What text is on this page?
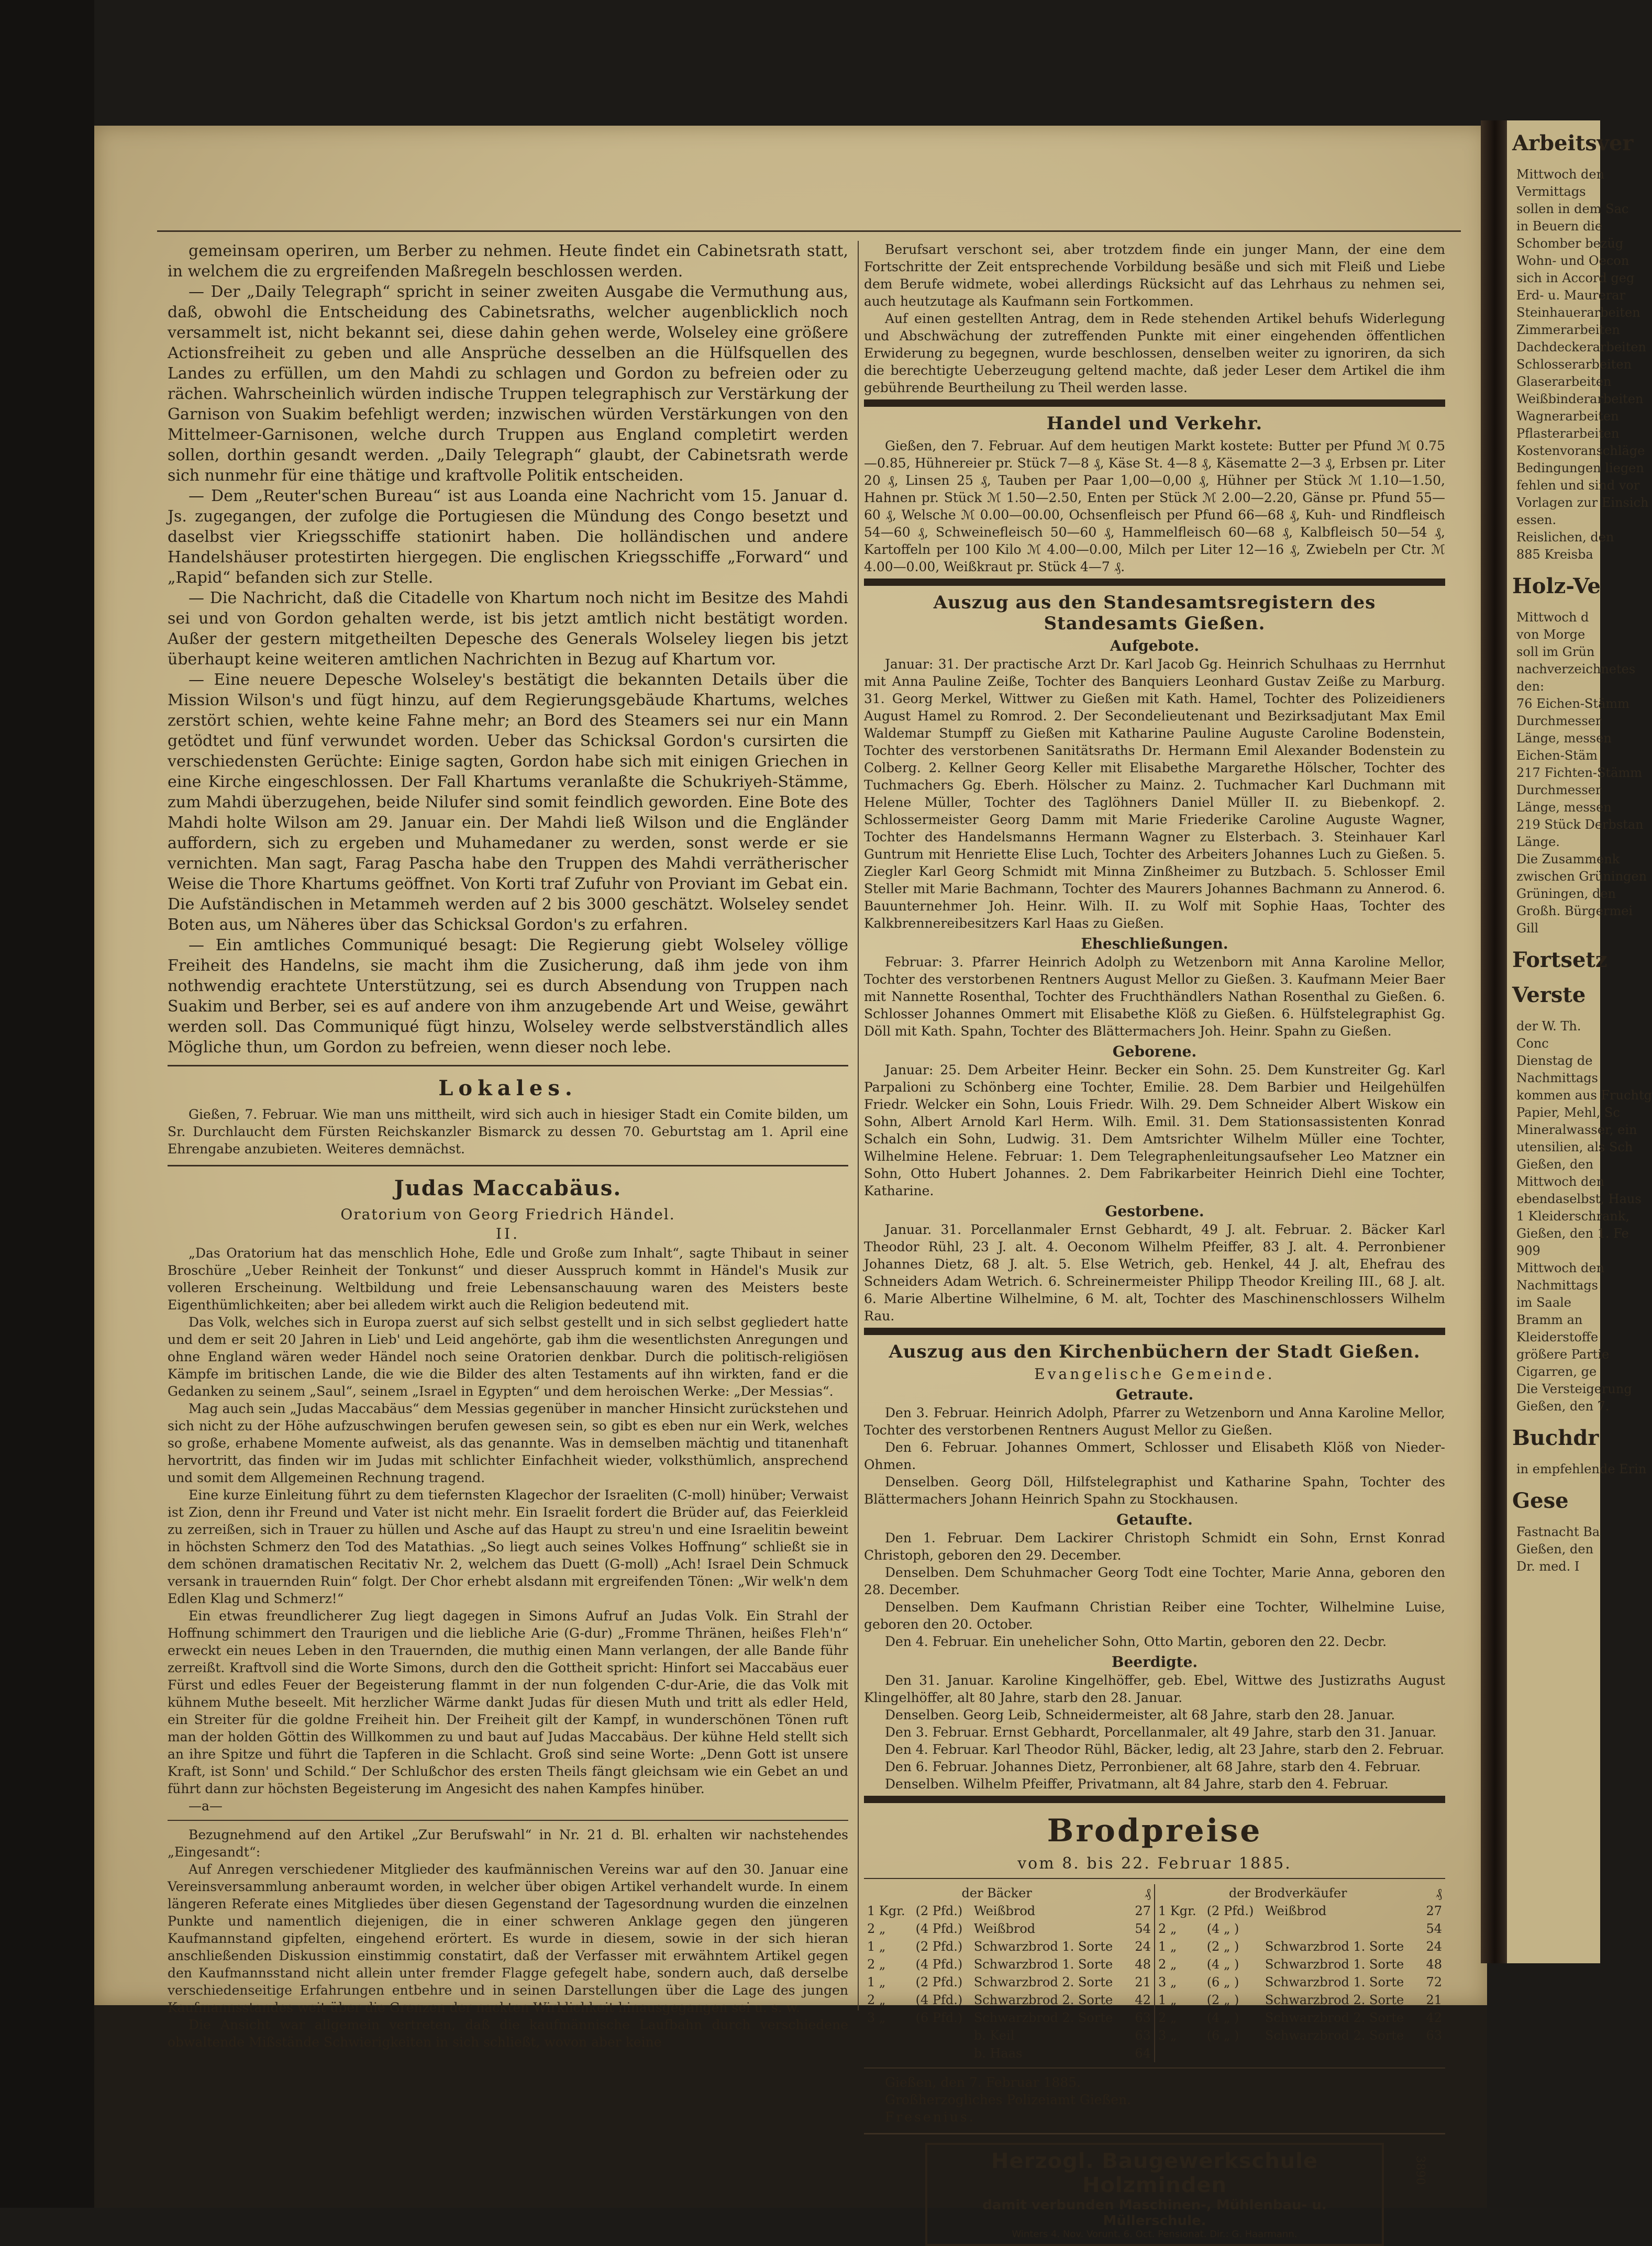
Arbeitsver
Mittwoch den
Vermittags
sollen in dem Sac
in Beuern die
Schomber bezüg
Wohn- und Oecon
sich in Accord geg
Erd- u. Maurerar
Steinhauerarbeiten
Zimmerarbeiten
Dachdeckerarbeiten
Schlosserarbeiten
Glaserarbeiten
Weißbinderarbeiten
Wagnerarbeiten
Pflasterarbeiten
Kostenvoranschläge
Bedingungen liegen
fehlen und sind vor
Vorlagen zur Einsich
essen.
Reislichen, den
885 Kreisba
Holz-Ve
Mittwoch d
von Morge
soll im Grün
nachverzeichnetes
den:
76 Eichen-Stämm
Durchmesser
Länge, messen
Eichen-Stäm
217 Fichten-Stämm
Durchmesser
Länge, messen
219 Stück Derbstan
Länge.
Die Zusammenk
zwischen Grüningen
Grüningen, den
Großh. Bürgermei
Gill
Fortsetz
Verste
der W. Th.
Conc
Dienstag de
Nachmittags
kommen aus Fruchtg
Papier, Mehl, Sc
Mineralwasser, ein
utensilien, als Sch
Gießen, den
Mittwoch den
ebendaselbst, Haus
1 Kleiderschrank,
Gießen, den 1. Fe
909
Mittwoch den
Nachmittags
im Saale
Bramm an
Kleiderstoffe
größere Partie
Cigarren, ge
Die Versteigerung
Gießen, den 7.
Buchdr
in empfehlende Erin
Gese
Fastnacht Ba
Gießen, den
Dr. med. I

gemeinsam operiren, um Berber zu nehmen. Heute findet ein Cabinetsrath statt, in welchem die zu ergreifenden Maßregeln beschlossen werden.

— Der „Daily Telegraph“ spricht in seiner zweiten Ausgabe die Vermuthung aus, daß, obwohl die Entscheidung des Cabinetsraths, welcher augenblicklich noch versammelt ist, nicht bekannt sei, diese dahin gehen werde, Wolseley eine größere Actionsfreiheit zu geben und alle Ansprüche desselben an die Hülfsquellen des Landes zu erfüllen, um den Mahdi zu schlagen und Gordon zu befreien oder zu rächen. Wahrscheinlich würden indische Truppen telegraphisch zur Verstärkung der Garnison von Suakim befehligt werden; inzwischen würden Verstärkungen von den Mittelmeer-Garnisonen, welche durch Truppen aus England completirt werden sollen, dorthin gesandt werden. „Daily Telegraph“ glaubt, der Cabinetsrath werde sich nunmehr für eine thätige und kraftvolle Politik entscheiden.

— Dem „Reuter'schen Bureau“ ist aus Loanda eine Nachricht vom 15. Januar d. Js. zugegangen, der zufolge die Portugiesen die Mündung des Congo besetzt und daselbst vier Kriegsschiffe stationirt haben. Die holländischen und andere Handelshäuser protestirten hiergegen. Die englischen Kriegsschiffe „Forward“ und „Rapid“ befanden sich zur Stelle.

— Die Nachricht, daß die Citadelle von Khartum noch nicht im Besitze des Mahdi sei und von Gordon gehalten werde, ist bis jetzt amtlich nicht bestätigt worden. Außer der gestern mitgetheilten Depesche des Generals Wolseley liegen bis jetzt überhaupt keine weiteren amtlichen Nachrichten in Bezug auf Khartum vor.

— Eine neuere Depesche Wolseley's bestätigt die bekannten Details über die Mission Wilson's und fügt hinzu, auf dem Regierungsgebäude Khartums, welches zerstört schien, wehte keine Fahne mehr; an Bord des Steamers sei nur ein Mann getödtet und fünf verwundet worden. Ueber das Schicksal Gordon's cursirten die verschiedensten Gerüchte: Einige sagten, Gordon habe sich mit einigen Griechen in eine Kirche eingeschlossen. Der Fall Khartums veranlaßte die Schukriyeh-Stämme, zum Mahdi überzugehen, beide Nilufer sind somit feindlich geworden. Eine Bote des Mahdi holte Wilson am 29. Januar ein. Der Mahdi ließ Wilson und die Engländer auffordern, sich zu ergeben und Muhamedaner zu werden, sonst werde er sie vernichten. Man sagt, Farag Pascha habe den Truppen des Mahdi verrätherischer Weise die Thore Khartums geöffnet. Von Korti traf Zufuhr von Proviant im Gebat ein. Die Aufständischen in Metammeh werden auf 2 bis 3000 geschätzt. Wolseley sendet Boten aus, um Näheres über das Schicksal Gordon's zu erfahren.

— Ein amtliches Communiqué besagt: Die Regierung giebt Wolseley völlige Freiheit des Handelns, sie macht ihm die Zusicherung, daß ihm jede von ihm nothwendig erachtete Unterstützung, sei es durch Absendung von Truppen nach Suakim und Berber, sei es auf andere von ihm anzugebende Art und Weise, gewährt werden soll. Das Communiqué fügt hinzu, Wolseley werde selbstverständlich alles Mögliche thun, um Gordon zu befreien, wenn dieser noch lebe.

Lokales.

Gießen, 7. Februar. Wie man uns mittheilt, wird sich auch in hiesiger Stadt ein Comite bilden, um Sr. Durchlaucht dem Fürsten Reichskanzler Bismarck zu dessen 70. Geburtstag am 1. April eine Ehrengabe anzubieten. Weiteres demnächst.

Judas Maccabäus.
Oratorium von Georg Friedrich Händel.
II.

„Das Oratorium hat das menschlich Hohe, Edle und Große zum Inhalt“, sagte Thibaut in seiner Broschüre „Ueber Reinheit der Tonkunst“ und dieser Ausspruch kommt in Händel's Musik zur volleren Erscheinung. Weltbildung und freie Lebensanschauung waren des Meisters beste Eigenthümlichkeiten; aber bei alledem wirkt auch die Religion bedeutend mit.

Das Volk, welches sich in Europa zuerst auf sich selbst gestellt und in sich selbst gegliedert hatte und dem er seit 20 Jahren in Lieb' und Leid angehörte, gab ihm die wesentlichsten Anregungen und ohne England wären weder Händel noch seine Oratorien denkbar. Durch die politisch-religiösen Kämpfe im britischen Lande, die wie die Bilder des alten Testaments auf ihn wirkten, fand er die Gedanken zu seinem „Saul“, seinem „Israel in Egypten“ und dem heroischen Werke: „Der Messias“.

Mag auch sein „Judas Maccabäus“ dem Messias gegenüber in mancher Hinsicht zurückstehen und sich nicht zu der Höhe aufzuschwingen berufen gewesen sein, so gibt es eben nur ein Werk, welches so große, erhabene Momente aufweist, als das genannte. Was in demselben mächtig und titanenhaft hervortritt, das finden wir im Judas mit schlichter Einfachheit wieder, volksthümlich, ansprechend und somit dem Allgemeinen Rechnung tragend.

Eine kurze Einleitung führt zu dem tiefernsten Klagechor der Israeliten (C-moll) hinüber; Verwaist ist Zion, denn ihr Freund und Vater ist nicht mehr. Ein Israelit fordert die Brüder auf, das Feierkleid zu zerreißen, sich in Trauer zu hüllen und Asche auf das Haupt zu streu'n und eine Israelitin beweint in höchsten Schmerz den Tod des Matathias. „So liegt auch seines Volkes Hoffnung“ schließt sie in dem schönen dramatischen Recitativ Nr. 2, welchem das Duett (G-moll) „Ach! Israel Dein Schmuck versank in trauernden Ruin“ folgt. Der Chor erhebt alsdann mit ergreifenden Tönen: „Wir welk'n dem Edlen Klag und Schmerz!“

Ein etwas freundlicherer Zug liegt dagegen in Simons Aufruf an Judas Volk. Ein Strahl der Hoffnung schimmert den Traurigen und die liebliche Arie (G-dur) „Fromme Thränen, heißes Fleh'n“ erweckt ein neues Leben in den Trauernden, die muthig einen Mann verlangen, der alle Bande führ zerreißt. Kraftvoll sind die Worte Simons, durch den die Gottheit spricht: Hinfort sei Maccabäus euer Fürst und edles Feuer der Begeisterung flammt in der nun folgenden C-dur-Arie, die das Volk mit kühnem Muthe beseelt. Mit herzlicher Wärme dankt Judas für diesen Muth und tritt als edler Held, ein Streiter für die goldne Freiheit hin. Der Freiheit gilt der Kampf, in wunderschönen Tönen ruft man der holden Göttin des Willkommen zu und baut auf Judas Maccabäus. Der kühne Held stellt sich an ihre Spitze und führt die Tapferen in die Schlacht. Groß sind seine Worte: „Denn Gott ist unsere Kraft, ist Sonn' und Schild.“ Der Schlußchor des ersten Theils fängt gleichsam wie ein Gebet an und führt dann zur höchsten Begeisterung im Angesicht des nahen Kampfes hinüber.

—a—

Bezugnehmend auf den Artikel „Zur Berufswahl“ in Nr. 21 d. Bl. erhalten wir nachstehendes „Eingesandt“:

Auf Anregen verschiedener Mitglieder des kaufmännischen Vereins war auf den 30. Januar eine Vereinsversammlung anberaumt worden, in welcher über obigen Artikel verhandelt wurde. In einem längeren Referate eines Mitgliedes über diesen Gegenstand der Tagesordnung wurden die einzelnen Punkte und namentlich diejenigen, die in einer schweren Anklage gegen den jüngeren Kaufmannstand gipfelten, eingehend erörtert. Es wurde in diesem, sowie in der sich hieran anschließenden Diskussion einstimmig constatirt, daß der Verfasser mit erwähntem Artikel gegen den Kaufmannsstand nicht allein unter fremder Flagge gefegelt habe, sondern auch, daß derselbe verschiedenseitige Erfahrungen entbehre und in seinen Darstellungen über die Lage des jungen Kaufmannsstandes weit über die Grenzen der nackten Wirklichkeit hinausgegangen sei u. s. w.

Die Ansicht war allgemein vertreten, daß die kaufmännische Laufbahn durch verschiedene obwaltende Mißstände Schwierigkeiten in sich schließt, wovon aber keine

Berufsart verschont sei, aber trotzdem finde ein junger Mann, der eine dem Fortschritte der Zeit entsprechende Vorbildung besäße und sich mit Fleiß und Liebe dem Berufe widmete, wobei allerdings Rücksicht auf das Lehrhaus zu nehmen sei, auch heutzutage als Kaufmann sein Fortkommen.

Auf einen gestellten Antrag, dem in Rede stehenden Artikel behufs Widerlegung und Abschwächung der zutreffenden Punkte mit einer eingehenden öffentlichen Erwiderung zu begegnen, wurde beschlossen, denselben weiter zu ignoriren, da sich die berechtigte Ueberzeugung geltend machte, daß jeder Leser dem Artikel die ihm gebührende Beurtheilung zu Theil werden lasse.

Handel und Verkehr.

Gießen, den 7. Februar. Auf dem heutigen Markt kostete: Butter per Pfund ℳ 0.75—0.85, Hühnereier pr. Stück 7—8 ₰, Käse St. 4—8 ₰, Käsematte 2—3 ₰, Erbsen pr. Liter 20 ₰, Linsen 25 ₰, Tauben per Paar 1,00—0,00 ₰, Hühner per Stück ℳ 1.10—1.50, Hahnen pr. Stück ℳ 1.50—2.50, Enten per Stück ℳ 2.00—2.20, Gänse pr. Pfund 55—60 ₰, Welsche ℳ 0.00—00.00, Ochsenfleisch per Pfund 66—68 ₰, Kuh- und Rindfleisch 54—60 ₰, Schweinefleisch 50—60 ₰, Hammelfleisch 60—68 ₰, Kalbfleisch 50—54 ₰, Kartoffeln per 100 Kilo ℳ 4.00—0.00, Milch per Liter 12—16 ₰, Zwiebeln per Ctr. ℳ 4.00—0.00, Weißkraut pr. Stück 4—7 ₰.

Auszug aus den Standesamtsregistern des Standesamts Gießen.
Aufgebote.

Januar: 31. Der practische Arzt Dr. Karl Jacob Gg. Heinrich Schulhaas zu Herrnhut mit Anna Pauline Zeiße, Tochter des Banquiers Leonhard Gustav Zeiße zu Marburg. 31. Georg Merkel, Wittwer zu Gießen mit Kath. Hamel, Tochter des Polizeidieners August Hamel zu Romrod. 2. Der Secondelieutenant und Bezirksadjutant Max Emil Waldemar Stumpff zu Gießen mit Katharine Pauline Auguste Caroline Bodenstein, Tochter des verstorbenen Sanitätsraths Dr. Hermann Emil Alexander Bodenstein zu Colberg. 2. Kellner Georg Keller mit Elisabethe Margarethe Hölscher, Tochter des Tuchmachers Gg. Eberh. Hölscher zu Mainz. 2. Tuchmacher Karl Duchmann mit Helene Müller, Tochter des Taglöhners Daniel Müller II. zu Biebenkopf. 2. Schlossermeister Georg Damm mit Marie Friederike Caroline Auguste Wagner, Tochter des Handelsmanns Hermann Wagner zu Elsterbach. 3. Steinhauer Karl Guntrum mit Henriette Elise Luch, Tochter des Arbeiters Johannes Luch zu Gießen. 5. Ziegler Karl Georg Schmidt mit Minna Zinßheimer zu Butzbach. 5. Schlosser Emil Steller mit Marie Bachmann, Tochter des Maurers Johannes Bachmann zu Annerod. 6. Bauunternehmer Joh. Heinr. Wilh. II. zu Wolf mit Sophie Haas, Tochter des Kalkbrennereibesitzers Karl Haas zu Gießen.

Eheschließungen.

Februar: 3. Pfarrer Heinrich Adolph zu Wetzenborn mit Anna Karoline Mellor, Tochter des verstorbenen Rentners August Mellor zu Gießen. 3. Kaufmann Meier Baer mit Nannette Rosenthal, Tochter des Fruchthändlers Nathan Rosenthal zu Gießen. 6. Schlosser Johannes Ommert mit Elisabethe Klöß zu Gießen. 6. Hülfstelegraphist Gg. Döll mit Kath. Spahn, Tochter des Blättermachers Joh. Heinr. Spahn zu Gießen.

Geborene.

Januar: 25. Dem Arbeiter Heinr. Becker ein Sohn. 25. Dem Kunstreiter Gg. Karl Parpalioni zu Schönberg eine Tochter, Emilie. 28. Dem Barbier und Heilgehülfen Friedr. Welcker ein Sohn, Louis Friedr. Wilh. 29. Dem Schneider Albert Wiskow ein Sohn, Albert Arnold Karl Herm. Wilh. Emil. 31. Dem Stationsassistenten Konrad Schalch ein Sohn, Ludwig. 31. Dem Amtsrichter Wilhelm Müller eine Tochter, Wilhelmine Helene. Februar: 1. Dem Telegraphenleitungsaufseher Leo Matzner ein Sohn, Otto Hubert Johannes. 2. Dem Fabrikarbeiter Heinrich Diehl eine Tochter, Katharine.

Gestorbene.

Januar. 31. Porcellanmaler Ernst Gebhardt, 49 J. alt. Februar. 2. Bäcker Karl Theodor Rühl, 23 J. alt. 4. Oeconom Wilhelm Pfeiffer, 83 J. alt. 4. Perronbiener Johannes Dietz, 68 J. alt. 5. Else Wetrich, geb. Henkel, 44 J. alt, Ehefrau des Schneiders Adam Wetrich. 6. Schreinermeister Philipp Theodor Kreiling III., 68 J. alt. 6. Marie Albertine Wilhelmine, 6 M. alt, Tochter des Maschinenschlossers Wilhelm Rau.

Auszug aus den Kirchenbüchern der Stadt Gießen.
Evangelische Gemeinde.
Getraute.

Den 3. Februar. Heinrich Adolph, Pfarrer zu Wetzenborn und Anna Karoline Mellor, Tochter des verstorbenen Rentners August Mellor zu Gießen.

Den 6. Februar. Johannes Ommert, Schlosser und Elisabeth Klöß von Nieder-Ohmen.

Denselben. Georg Döll, Hilfstelegraphist und Katharine Spahn, Tochter des Blättermachers Johann Heinrich Spahn zu Stockhausen.

Getaufte.

Den 1. Februar. Dem Lackirer Christoph Schmidt ein Sohn, Ernst Konrad Christoph, geboren den 29. December.

Denselben. Dem Schuhmacher Georg Todt eine Tochter, Marie Anna, geboren den 28. December.

Denselben. Dem Kaufmann Christian Reiber eine Tochter, Wilhelmine Luise, geboren den 20. October.

Den 4. Februar. Ein unehelicher Sohn, Otto Martin, geboren den 22. Decbr.

Beerdigte.

Den 31. Januar. Karoline Kingelhöffer, geb. Ebel, Wittwe des Justizraths August Klingelhöffer, alt 80 Jahre, starb den 28. Januar.

Denselben. Georg Leib, Schneidermeister, alt 68 Jahre, starb den 28. Januar.

Den 3. Februar. Ernst Gebhardt, Porcellanmaler, alt 49 Jahre, starb den 31. Januar.

Den 4. Februar. Karl Theodor Rühl, Bäcker, ledig, alt 23 Jahre, starb den 2. Februar.

Den 6. Februar. Johannes Dietz, Perronbiener, alt 68 Jahre, starb den 4. Februar.

Denselben. Wilhelm Pfeiffer, Privatmann, alt 84 Jahre, starb den 4. Februar.

Brodpreise
vom 8. bis 22. Februar 1885.
der Bäcker			₰	der Brodverkäufer			₰
1 Kgr.	(2 Pfd.)	Weißbrod	27	1 Kgr.	(2 Pfd.)	Weißbrod	27
2 „	(4 Pfd.)	Weißbrod	54	2 „	(4 „ )		54
1 „	(2 Pfd.)	Schwarzbrod 1. Sorte	24	1 „	(2 „ )	Schwarzbrod 1. Sorte	24
2 „	(4 Pfd.)	Schwarzbrod 1. Sorte	48	2 „	(4 „ )	Schwarzbrod 1. Sorte	48
1 „	(2 Pfd.)	Schwarzbrod 2. Sorte	21	3 „	(6 „ )	Schwarzbrod 1. Sorte	72
2 „	(4 Pfd.)	Schwarzbrod 2. Sorte	42	1 „	(2 „ )	Schwarzbrod 2. Sorte	21
3 „	(6 Pfd.)	Schwarzbrod 2. Sorte	63	2 „	(4 „ )	Schwarzbrod 2. Sorte	42
		b. Keil	63	3 „	(6 „ )	Schwarzbrod 2. Sorte	63
		b. Haas	64				

Gießen, den 7. Februar 1885.

Großherzogliches Polizeiamt Gießen.

Fresenius.

Herzogl. Baugewerkschule Holzminden
damit verbunden Maschinen-, Mühlenbau- u. Müllerschule.
Winters 4. Nov. Vorunt. 6. Oct. Pensionat. Dir.: G. Haarmann.
3890
